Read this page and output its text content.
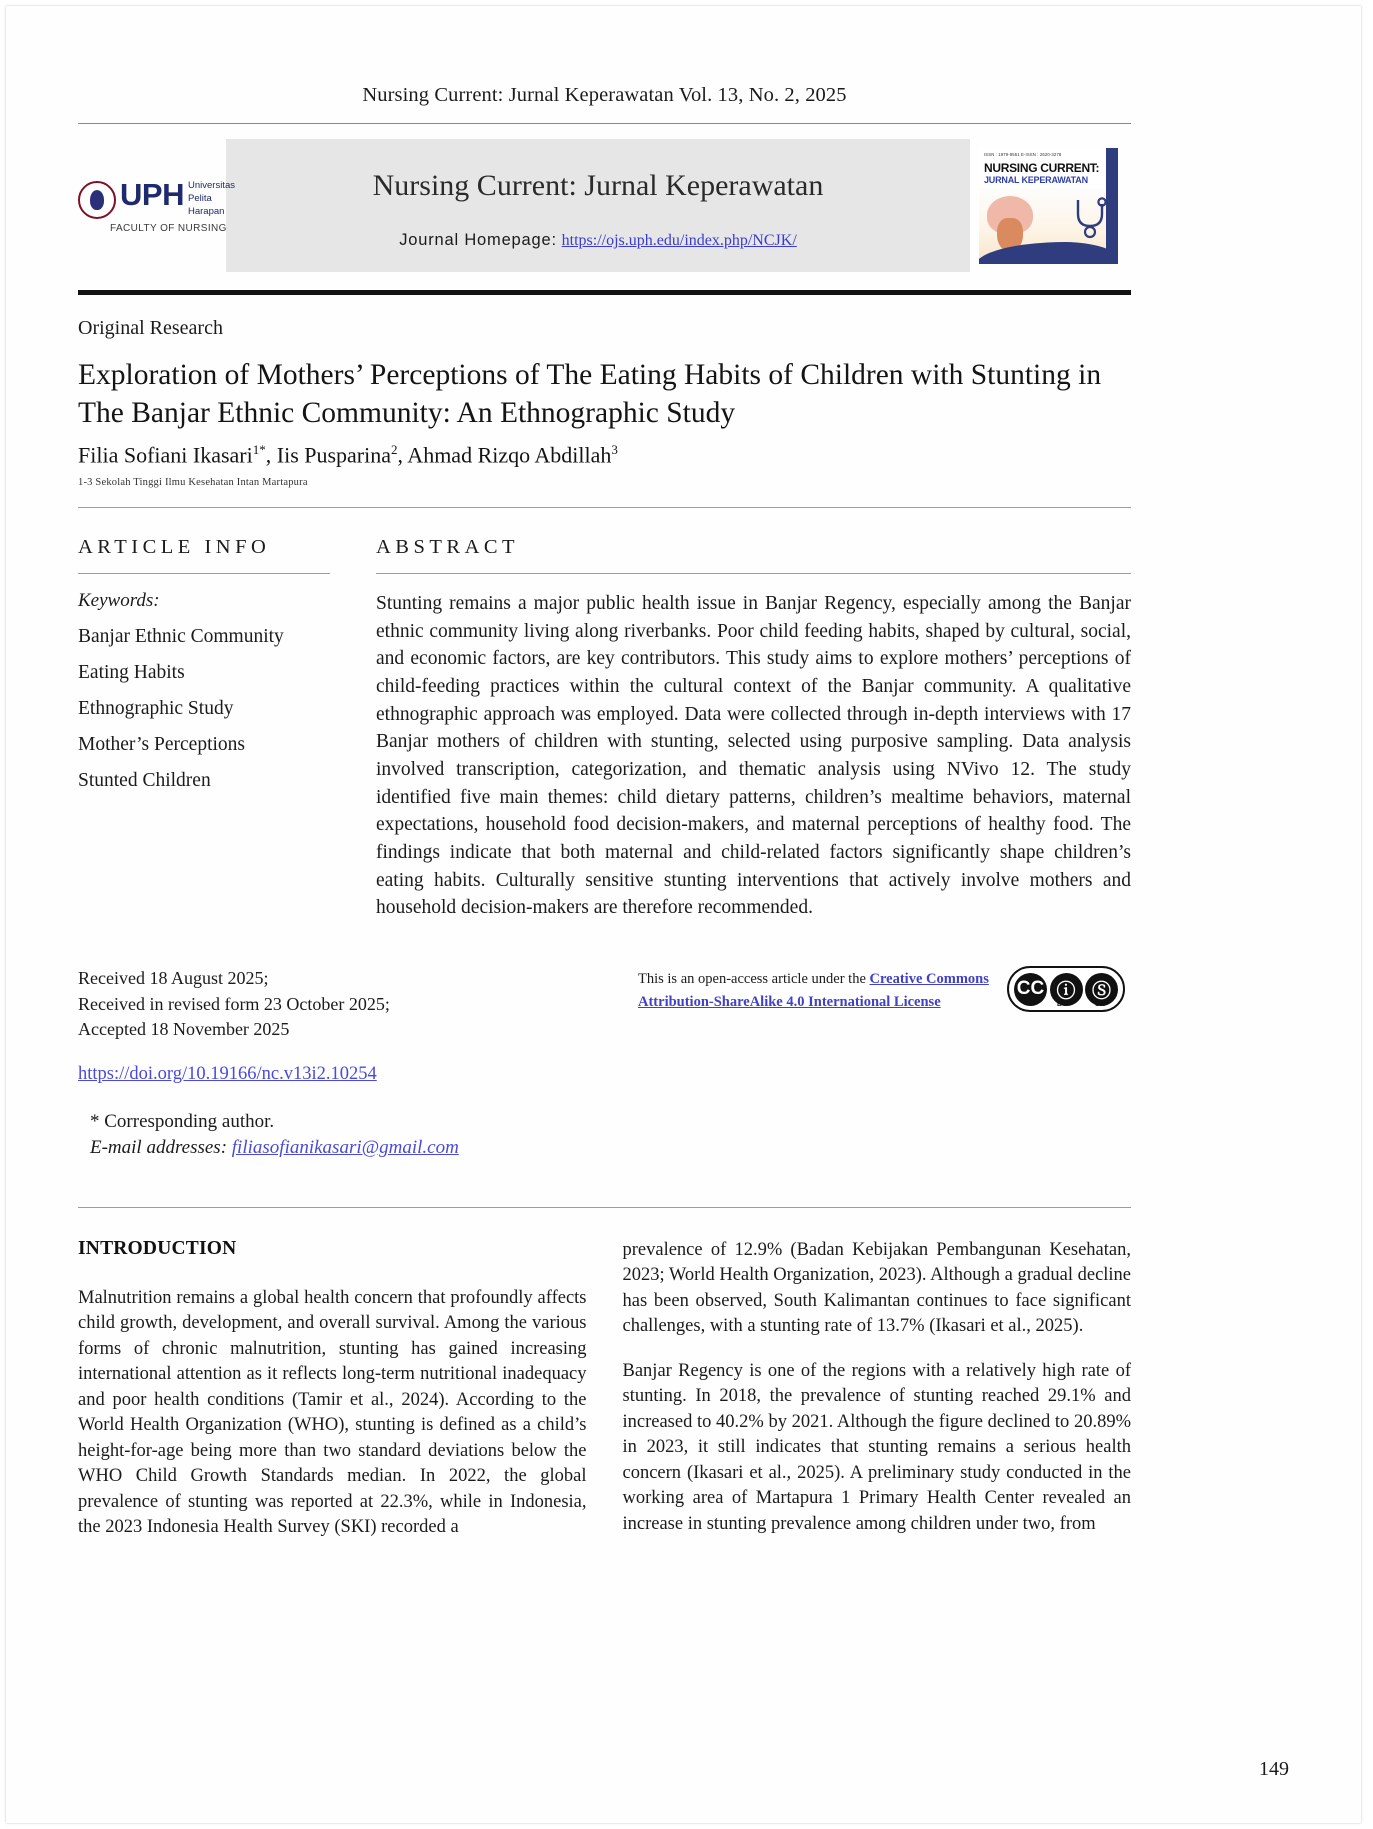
Nursing Current: Jurnal Keperawatan Vol. 13, No. 2, 2025
UPH Universitas
Pelita
Harapan
FACULTY OF NURSING
Nursing Current: Jurnal Keperawatan
Journal Homepage: https://ojs.uph.edu/index.php/NCJK/
ISSN : 1979-9551 E-ISSN : 2620-3278
NURSING CURRENT:
JURNAL KEPERAWATAN
Original Research
Exploration of Mothers’ Perceptions of The Eating Habits of Children with Stunting in The Banjar Ethnic Community: An Ethnographic Study
Filia Sofiani Ikasari$^{1*}$, Iis Pusparina$^2$, Ahmad Rizqo Abdillah$^3$
1-3 Sekolah Tinggi Ilmu Kesehatan Intan Martapura
ARTICLE INFO
Keywords:
Banjar Ethnic Community
Eating Habits
Ethnographic Study
Mother’s Perceptions
Stunted Children
ABSTRACT
Stunting remains a major public health issue in Banjar Regency, especially among the Banjar ethnic community living along riverbanks. Poor child feeding habits, shaped by cultural, social, and economic factors, are key contributors. This study aims to explore mothers’ perceptions of child-feeding practices within the cultural context of the Banjar community. A qualitative ethnographic approach was employed. Data were collected through in-depth interviews with 17 Banjar mothers of children with stunting, selected using purposive sampling. Data analysis involved transcription, categorization, and thematic analysis using NVivo 12. The study identified five main themes: child dietary patterns, children’s mealtime behaviors, maternal expectations, household food decision-makers, and maternal perceptions of healthy food. The findings indicate that both maternal and child-related factors significantly shape children’s eating habits. Culturally sensitive stunting interventions that actively involve mothers and household decision-makers are therefore recommended.
Received 18 August 2025;
Received in revised form 23 October 2025;
Accepted 18 November 2025
https://doi.org/10.19166/nc.v13i2.10254
* Corresponding author.
E-mail addresses: filiasofianikasari@gmail.com
This is an open-access article under the Creative Commons Attribution-ShareAlike 4.0 International License
CC ⓘ Ⓢ
BY	SA
INTRODUCTION
Malnutrition remains a global health concern that profoundly affects child growth, development, and overall survival. Among the various forms of chronic malnutrition, stunting has gained increasing international attention as it reflects long-term nutritional inadequacy and poor health conditions (Tamir et al., 2024). According to the World Health Organization (WHO), stunting is defined as a child’s height-for-age being more than two standard deviations below the WHO Child Growth Standards median. In 2022, the global prevalence of stunting was reported at 22.3%, while in Indonesia, the 2023 Indonesia Health Survey (SKI) recorded a
prevalence of 12.9% (Badan Kebijakan Pembangunan Kesehatan, 2023; World Health Organization, 2023). Although a gradual decline has been observed, South Kalimantan continues to face significant challenges, with a stunting rate of 13.7% (Ikasari et al., 2025).
Banjar Regency is one of the regions with a relatively high rate of stunting. In 2018, the prevalence of stunting reached 29.1% and increased to 40.2% by 2021. Although the figure declined to 20.89% in 2023, it still indicates that stunting remains a serious health concern (Ikasari et al., 2025). A preliminary study conducted in the working area of Martapura 1 Primary Health Center revealed an increase in stunting prevalence among children under two, from
149
